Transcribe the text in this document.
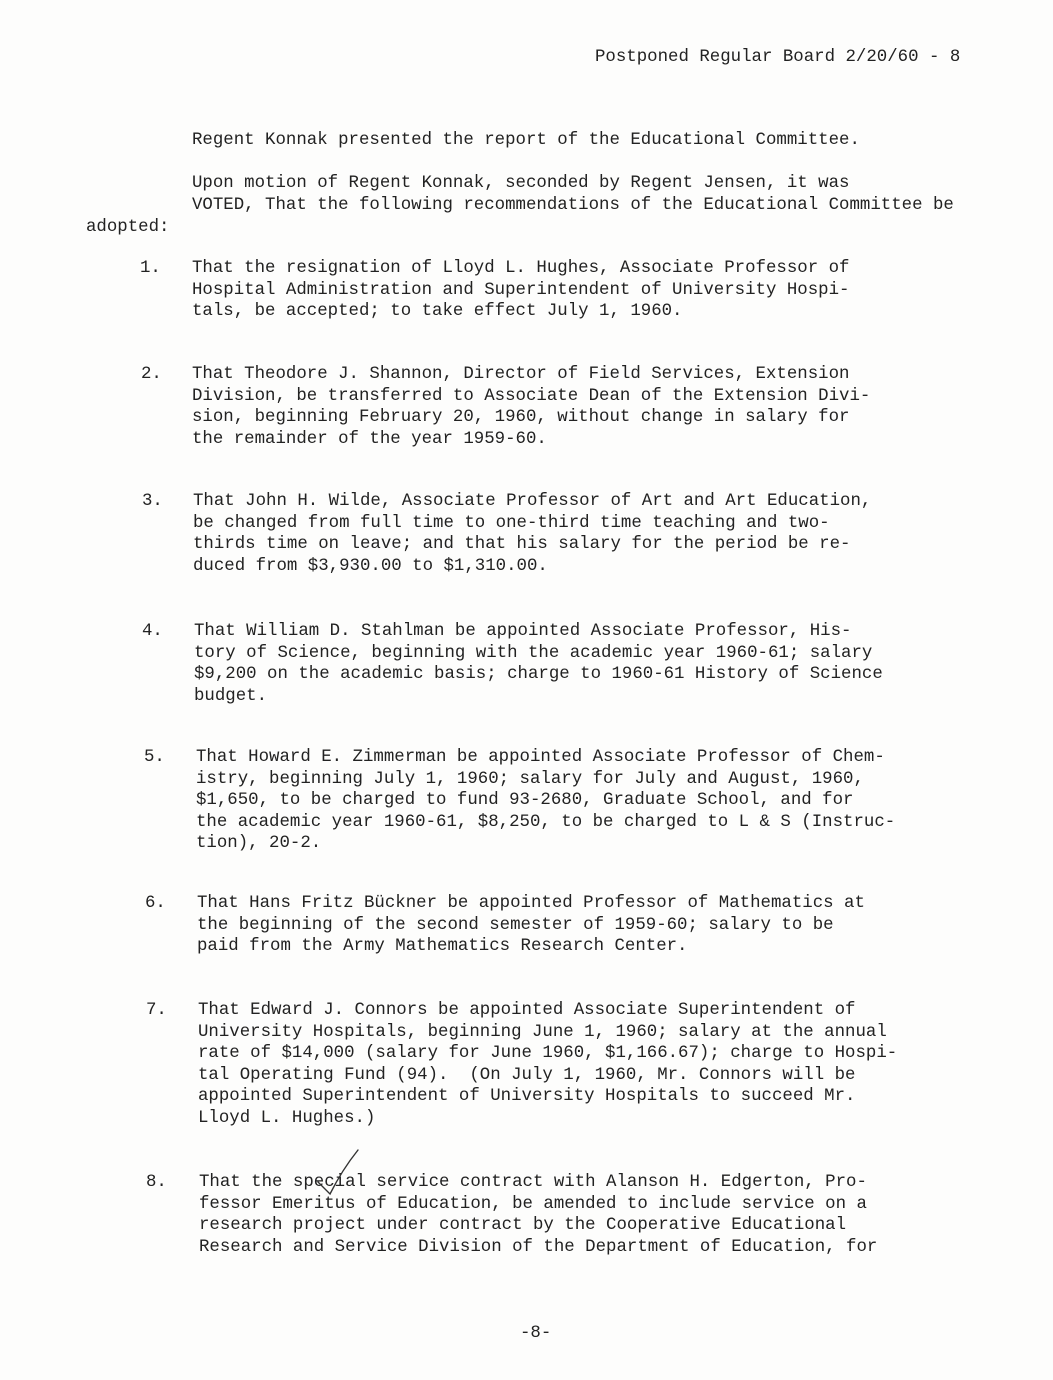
Postponed Regular Board 2/20/60 - 8
Regent Konnak presented the report of the Educational Committee.
Upon motion of Regent Konnak, seconded by Regent Jensen, it was
VOTED, That the following recommendations of the Educational Committee be
adopted:
1. That the resignation of Lloyd L. Hughes, Associate Professor of
Hospital Administration and Superintendent of University Hospi-
tals, be accepted; to take effect July 1, 1960.
2. That Theodore J. Shannon, Director of Field Services, Extension
Division, be transferred to Associate Dean of the Extension Divi-
sion, beginning February 20, 1960, without change in salary for
the remainder of the year 1959-60.
3. That John H. Wilde, Associate Professor of Art and Art Education,
be changed from full time to one-third time teaching and two-
thirds time on leave; and that his salary for the period be re-
duced from $3,930.00 to $1,310.00.
4. That William D. Stahlman be appointed Associate Professor, His-
tory of Science, beginning with the academic year 1960-61; salary
$9,200 on the academic basis; charge to 1960-61 History of Science
budget.
5. That Howard E. Zimmerman be appointed Associate Professor of Chem-
istry, beginning July 1, 1960; salary for July and August, 1960,
$1,650, to be charged to fund 93-2680, Graduate School, and for
the academic year 1960-61, $8,250, to be charged to L & S (Instruc-
tion), 20-2.
6. That Hans Fritz Bückner be appointed Professor of Mathematics at
the beginning of the second semester of 1959-60; salary to be
paid from the Army Mathematics Research Center.
7. That Edward J. Connors be appointed Associate Superintendent of
University Hospitals, beginning June 1, 1960; salary at the annual
rate of $14,000 (salary for June 1960, $1,166.67); charge to Hospi-
tal Operating Fund (94).  (On July 1, 1960, Mr. Connors will be
appointed Superintendent of University Hospitals to succeed Mr.
Lloyd L. Hughes.)
8. That the special service contract with Alanson H. Edgerton, Pro-
fessor Emeritus of Education, be amended to include service on a
research project under contract by the Cooperative Educational
Research and Service Division of the Department of Education, for
-8-
